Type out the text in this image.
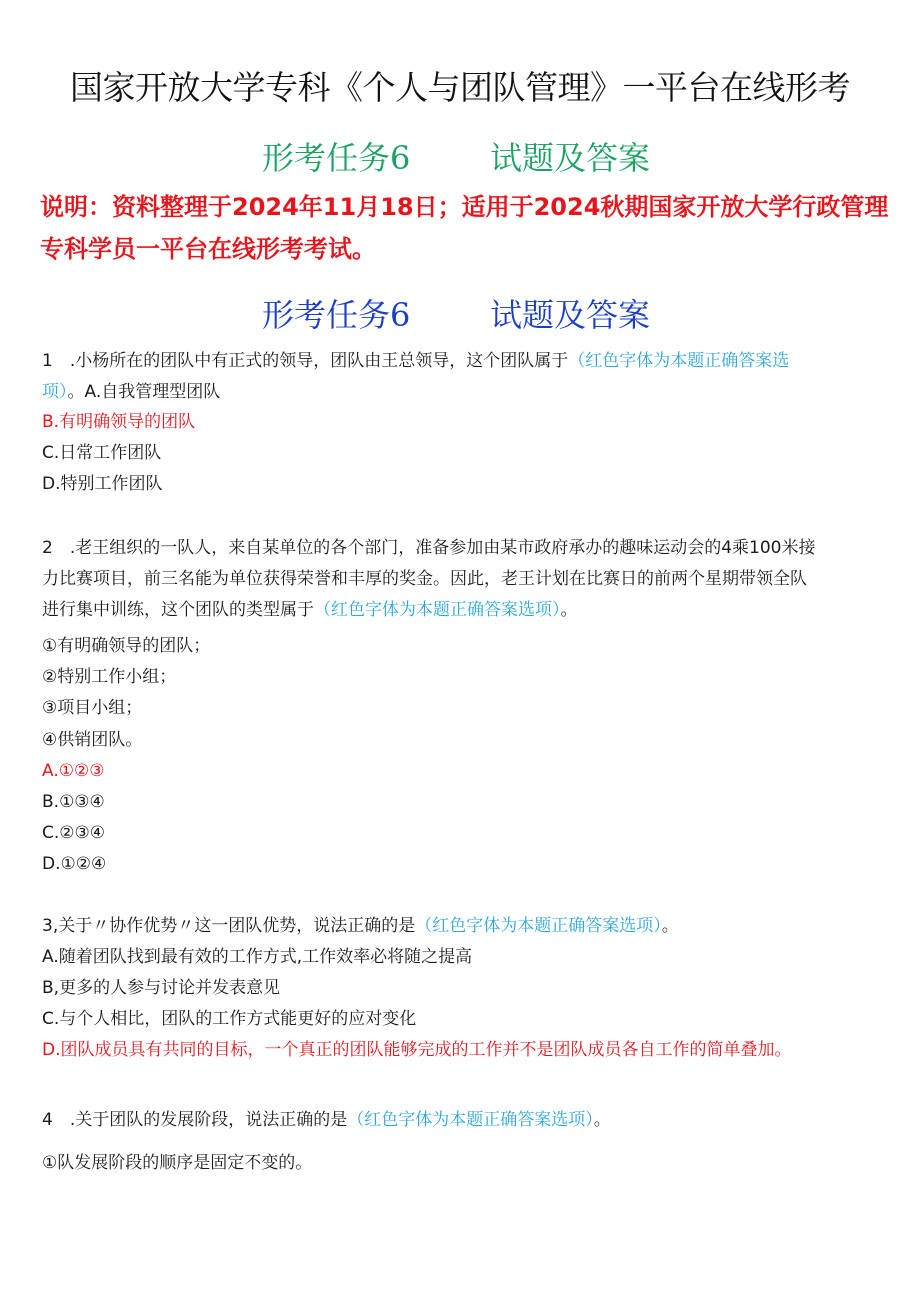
国家开放大学专科《个人与团队管理》一平台在线形考
形考任务6 试题及答案
说明：资料整理于2024年11月18日；适用于2024秋期国家开放大学行政管理专科学员一平台在线形考考试。
形考任务6 试题及答案
1　.小杨所在的团队中有正式的领导，团队由王总领导，这个团队属于（红色字体为本题正确答案选
项）。A.自我管理型团队
B.有明确领导的团队
C.日常工作团队
D.特别工作团队
2　.老王组织的一队人，来自某单位的各个部门，准备参加由某市政府承办的趣味运动会的4乘100米接
力比赛项目，前三名能为单位获得荣誉和丰厚的奖金。因此，老王计划在比赛日的前两个星期带领全队
进行集中训练，这个团队的类型属于（红色字体为本题正确答案选项）。
①有明确领导的团队；
②特别工作小组；
③项目小组；
④供销团队。
A.①②③
B.①③④
C.②③④
D.①②④
3,关于〃协作优势〃这一团队优势，说法正确的是（红色字体为本题正确答案选项）。
A.随着团队找到最有效的工作方式,工作效率必将随之提高
B,更多的人参与讨论并发表意见
C.与个人相比，团队的工作方式能更好的应对变化
D.团队成员具有共同的目标，一个真正的团队能够完成的工作并不是团队成员各自工作的简单叠加。
4　.关于团队的发展阶段，说法正确的是（红色字体为本题正确答案选项）。
①队发展阶段的顺序是固定不变的。
